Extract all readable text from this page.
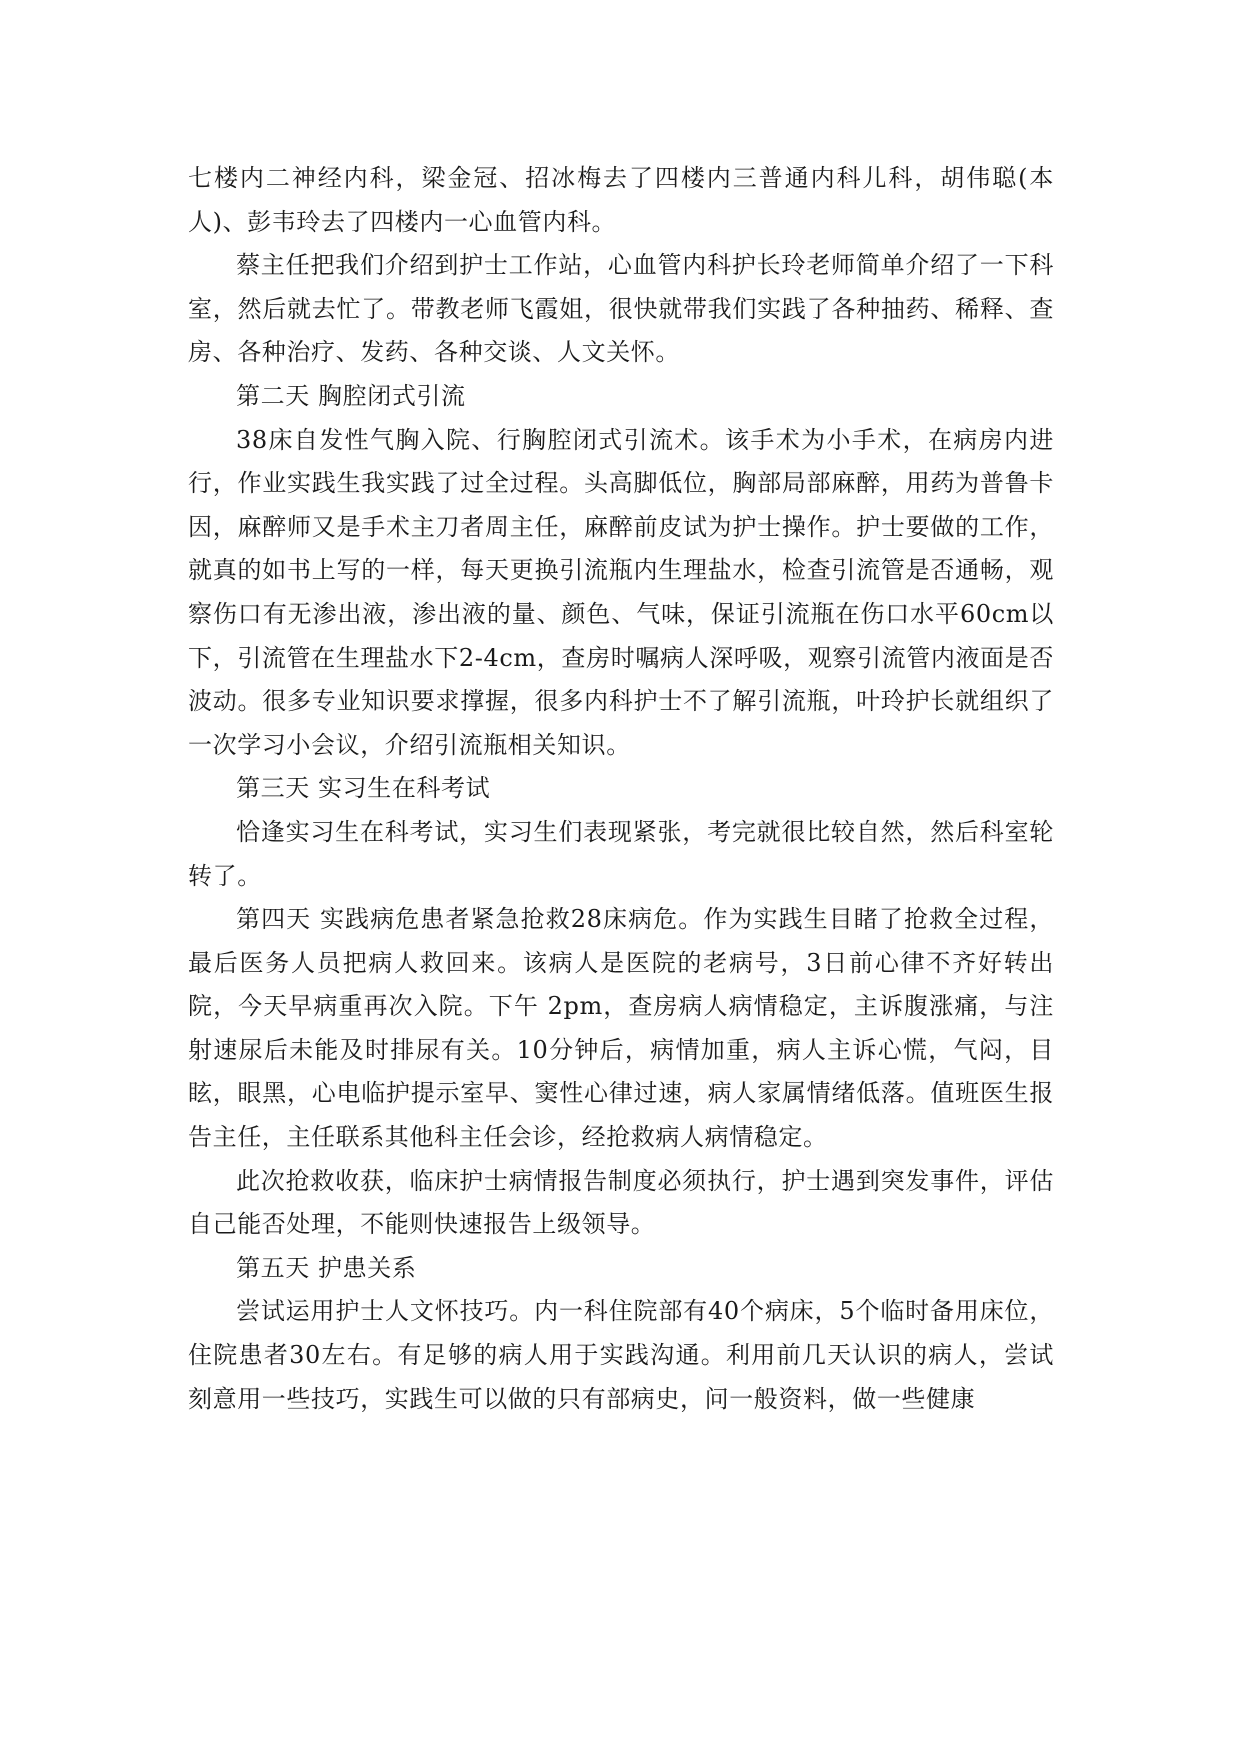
七楼内二神经内科，梁金冠、招冰梅去了四楼内三普通内科儿科，胡伟聪(本人)、彭韦玲去了四楼内一心血管内科。

蔡主任把我们介绍到护士工作站，心血管内科护长玲老师简单介绍了一下科室，然后就去忙了。带教老师飞霞姐，很快就带我们实践了各种抽药、稀释、查房、各种治疗、发药、各种交谈、人文关怀。

第二天 胸腔闭式引流

38床自发性气胸入院、行胸腔闭式引流术。该手术为小手术，在病房内进行，作业实践生我实践了过全过程。头高脚低位，胸部局部麻醉，用药为普鲁卡因，麻醉师又是手术主刀者周主任，麻醉前皮试为护士操作。护士要做的工作，就真的如书上写的一样，每天更换引流瓶内生理盐水，检查引流管是否通畅，观察伤口有无渗出液，渗出液的量、颜色、气味，保证引流瓶在伤口水平60cm以下，引流管在生理盐水下2-4cm，查房时嘱病人深呼吸，观察引流管内液面是否波动。很多专业知识要求撑握，很多内科护士不了解引流瓶，叶玲护长就组织了一次学习小会议，介绍引流瓶相关知识。

第三天 实习生在科考试

恰逢实习生在科考试，实习生们表现紧张，考完就很比较自然，然后科室轮转了。

第四天 实践病危患者紧急抢救28床病危。作为实践生目睹了抢救全过程，最后医务人员把病人救回来。该病人是医院的老病号，3日前心律不齐好转出院，今天早病重再次入院。下午 2pm，查房病人病情稳定，主诉腹涨痛，与注射速尿后未能及时排尿有关。10分钟后，病情加重，病人主诉心慌，气闷，目眩，眼黑，心电临护提示室早、窦性心律过速，病人家属情绪低落。值班医生报告主任，主任联系其他科主任会诊，经抢救病人病情稳定。

此次抢救收获，临床护士病情报告制度必须执行，护士遇到突发事件，评估自己能否处理，不能则快速报告上级领导。

第五天 护患关系

尝试运用护士人文怀技巧。内一科住院部有40个病床，5个临时备用床位，住院患者30左右。有足够的病人用于实践沟通。利用前几天认识的病人，尝试刻意用一些技巧，实践生可以做的只有部病史，问一般资料，做一些健康
